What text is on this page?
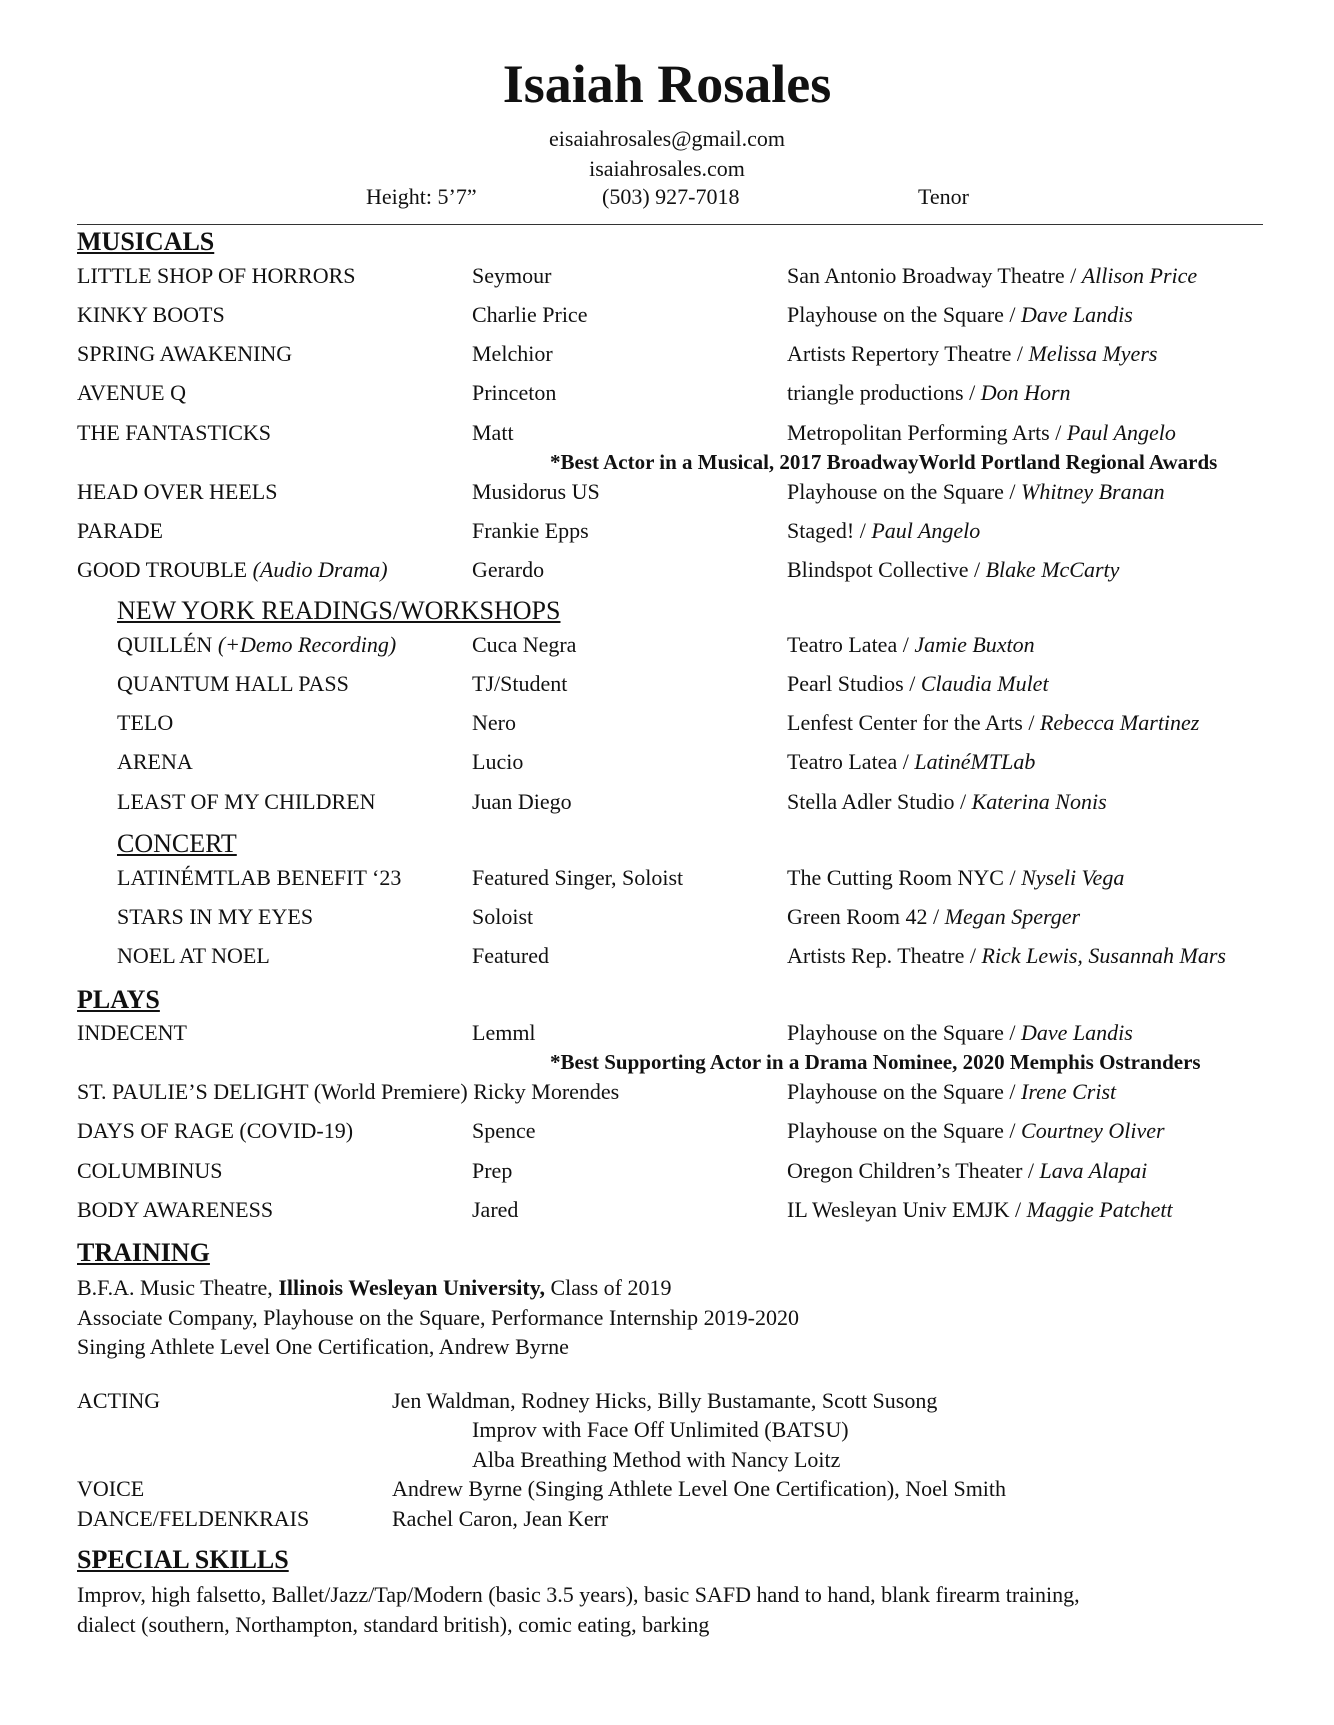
Isaiah Rosales
eisaiahrosales@gmail.com
isaiahrosales.com
Height: 5’7”	(503) 927-7018	Tenor
MUSICALS
LITTLE SHOP OF HORRORS	Seymour	San Antonio Broadway Theatre / Allison Price
KINKY BOOTS	Charlie Price	Playhouse on the Square / Dave Landis
SPRING AWAKENING	Melchior	Artists Repertory Theatre / Melissa Myers
AVENUE Q	Princeton	triangle productions / Don Horn
THE FANTASTICKS	Matt	Metropolitan Performing Arts / Paul Angelo
*Best Actor in a Musical, 2017 BroadwayWorld Portland Regional Awards
HEAD OVER HEELS	Musidorus US	Playhouse on the Square / Whitney Branan
PARADE	Frankie Epps	Staged! / Paul Angelo
GOOD TROUBLE (Audio Drama)	Gerardo	Blindspot Collective / Blake McCarty
NEW YORK READINGS/WORKSHOPS
QUILLÉN (+Demo Recording)	Cuca Negra	Teatro Latea / Jamie Buxton
QUANTUM HALL PASS	TJ/Student	Pearl Studios / Claudia Mulet
TELO	Nero	Lenfest Center for the Arts / Rebecca Martinez
ARENA	Lucio	Teatro Latea / LatinéMTLab
LEAST OF MY CHILDREN	Juan Diego	Stella Adler Studio / Katerina Nonis
CONCERT
LATINÉMTLAB BENEFIT ‘23	Featured Singer, Soloist	The Cutting Room NYC / Nyseli Vega
STARS IN MY EYES	Soloist	Green Room 42 / Megan Sperger
NOEL AT NOEL	Featured	Artists Rep. Theatre / Rick Lewis, Susannah Mars
PLAYS
INDECENT	Lemml	Playhouse on the Square / Dave Landis
*Best Supporting Actor in a Drama Nominee, 2020 Memphis Ostranders
ST. PAULIE’S DELIGHT (World Premiere) Ricky Morendes	Playhouse on the Square / Irene Crist
DAYS OF RAGE (COVID-19)	Spence	Playhouse on the Square / Courtney Oliver
COLUMBINUS	Prep	Oregon Children’s Theater / Lava Alapai
BODY AWARENESS	Jared	IL Wesleyan Univ EMJK / Maggie Patchett
TRAINING
B.F.A. Music Theatre, Illinois Wesleyan University, Class of 2019
Associate Company, Playhouse on the Square, Performance Internship 2019-2020
Singing Athlete Level One Certification, Andrew Byrne
ACTING	Jen Waldman, Rodney Hicks, Billy Bustamante, Scott Susong
Improv with Face Off Unlimited (BATSU)
Alba Breathing Method with Nancy Loitz
VOICE	Andrew Byrne (Singing Athlete Level One Certification), Noel Smith
DANCE/FELDENKRAIS	Rachel Caron, Jean Kerr
SPECIAL SKILLS
Improv, high falsetto, Ballet/Jazz/Tap/Modern (basic 3.5 years), basic SAFD hand to hand, blank firearm training,
dialect (southern, Northampton, standard british), comic eating, barking
